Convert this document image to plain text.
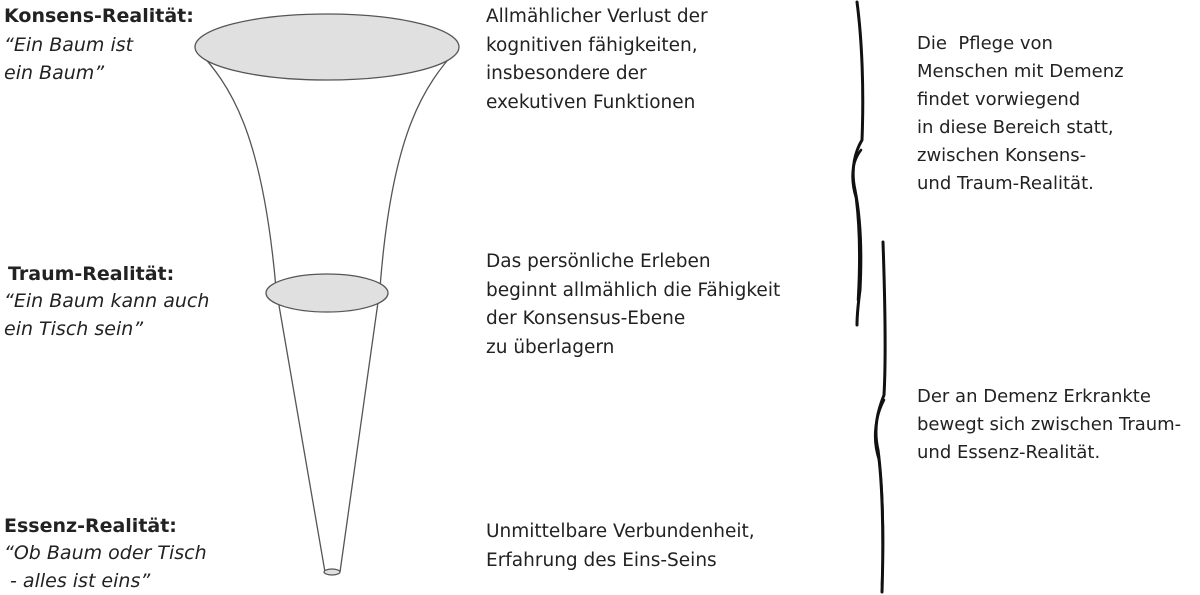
Konsens-Realität:
“Ein Baum ist
ein Baum”
Traum-Realität:
“Ein Baum kann auch
ein Tisch sein”
Essenz-Realität:
“Ob Baum oder Tisch
- alles ist eins”
Allmählicher Verlust der
kognitiven fähigkeiten,
insbesondere der
exekutiven Funktionen
Das persönliche Erleben
beginnt allmählich die Fähigkeit
der Konsensus-Ebene
zu überlagern
Unmittelbare Verbundenheit,
Erfahrung des Eins-Seins
Die  Pflege von
Menschen mit Demenz
findet vorwiegend
in diese Bereich statt,
zwischen Konsens-
und Traum-Realität.
Der an Demenz Erkrankte
bewegt sich zwischen Traum-
und Essenz-Realität.
